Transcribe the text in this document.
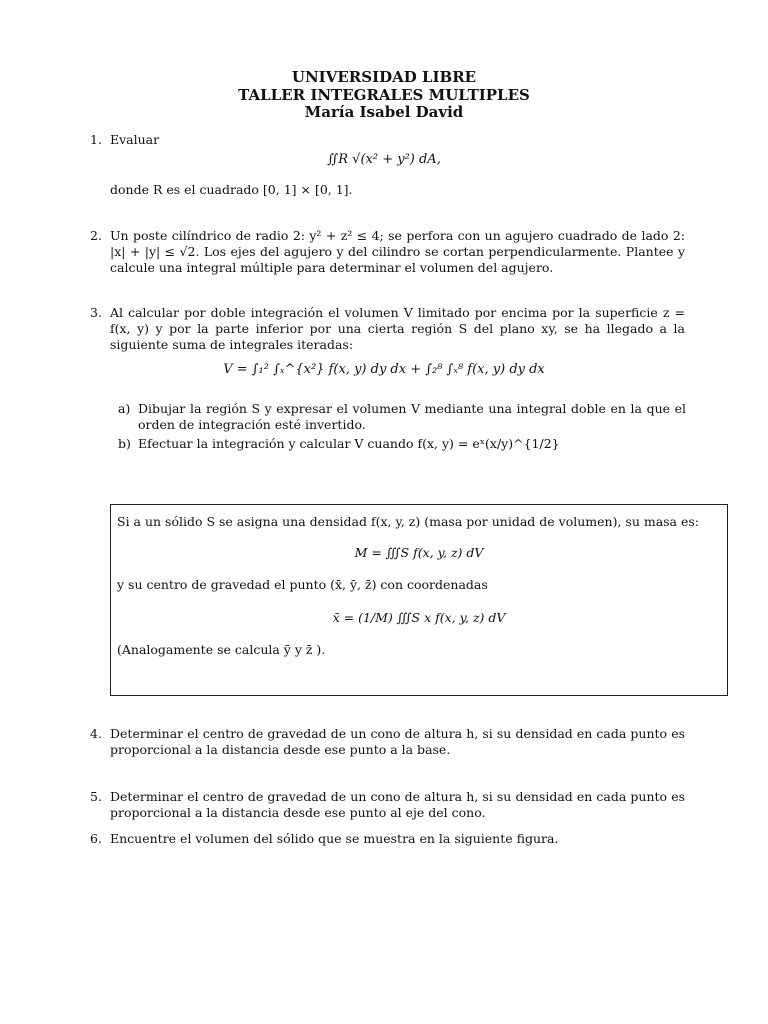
UNIVERSIDAD LIBRE
TALLER INTEGRALES MULTIPLES
María Isabel David
1. Evaluar
∬R √(x² + y²) dA,
donde R es el cuadrado [0, 1] × [0, 1].
2. Un poste cilíndrico de radio 2: y² + z² ≤ 4; se perfora con un agujero cuadrado de lado 2: |x| + |y| ≤ √2. Los ejes del agujero y del cilindro se cortan perpendicularmente. Plantee y calcule una integral múltiple para determinar el volumen del agujero.
3. Al calcular por doble integración el volumen V limitado por encima por la superficie z = f(x, y) y por la parte inferior por una cierta región S del plano xy, se ha llegado a la siguiente suma de integrales iteradas:
V = ∫₁² ∫ₓ^{x²} f(x, y) dy dx + ∫₂⁸ ∫ₓ⁸ f(x, y) dy dx
a) Dibujar la región S y expresar el volumen V mediante una integral doble en la que el orden de integración esté invertido.
b) Efectuar la integración y calcular V cuando f(x, y) = eˣ(x/y)^{1/2}
Si a un sólido S se asigna una densidad f(x, y, z) (masa por unidad de volumen), su masa es:
M = ∭S f(x, y, z) dV
y su centro de gravedad el punto (x̄, ȳ, z̄) con coordenadas
x̄ = (1/M) ∭S x f(x, y, z) dV
(Analogamente se calcula ȳ y z̄ ).
4. Determinar el centro de gravedad de un cono de altura h, si su densidad en cada punto es proporcional a la distancia desde ese punto a la base.
5. Determinar el centro de gravedad de un cono de altura h, si su densidad en cada punto es proporcional a la distancia desde ese punto al eje del cono.
6. Encuentre el volumen del sólido que se muestra en la siguiente figura.
